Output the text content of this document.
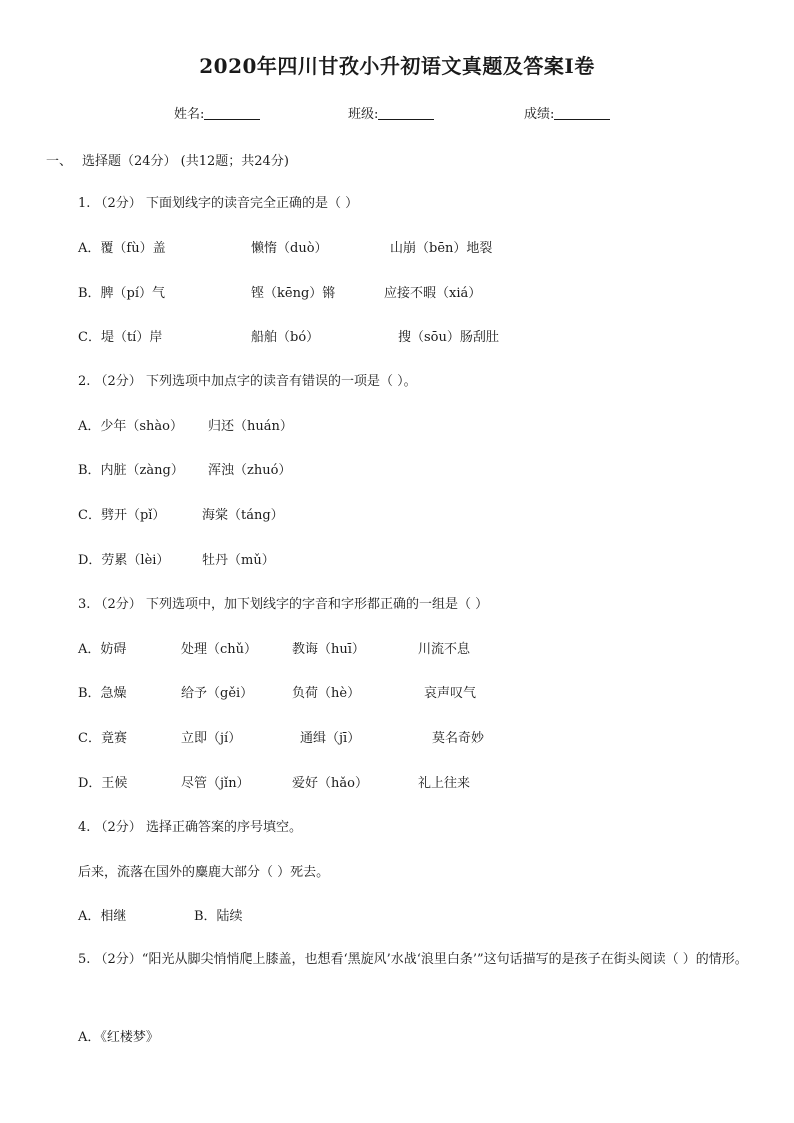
2020年四川甘孜小升初语文真题及答案Ⅰ卷
姓名:	班级:	成绩:
一、 选择题（24分） (共12题；共24分)
1. （2分） 下面划线字的读音完全正确的是（ ）
A．覆（fù）盖	懒惰（duò）	山崩（bēn）地裂
B．脾（pí）气	铿（kēng）锵	应接不暇（xiá）
C．堤（tí）岸	船舶（bó）	搜（sōu）肠刮肚
2. （2分） 下列选项中加点字的读音有错误的一项是（ ）。
A．少年（shào） 归还（huán）
B．内脏（zàng） 浑浊（zhuó）
C．劈开（pǐ）	海棠（táng）
D．劳累（lèi）	牡丹（mǔ）
3. （2分） 下列选项中，加下划线字的字音和字形都正确的一组是（ ）
A．妨碍	处理（chǔ）	教诲（huī）	川流不息
B．急燥	给予（gěi）	负荷（hè）	哀声叹气
C．竟赛	立即（jí）	通缉（jī）	莫名奇妙
D．王候	尽管（jǐn）	爱好（hǎo）	礼上往来
4. （2分） 选择正确答案的序号填空。
后来，流落在国外的麋鹿大部分（ ）死去。
A．相继	B．陆续
5. （2分）“阳光从脚尖悄悄爬上膝盖，也想看‘黑旋风’水战‘浪里白条’”这句话描写的是孩子在街头阅读（ ）的情形。
A．《红楼梦》
